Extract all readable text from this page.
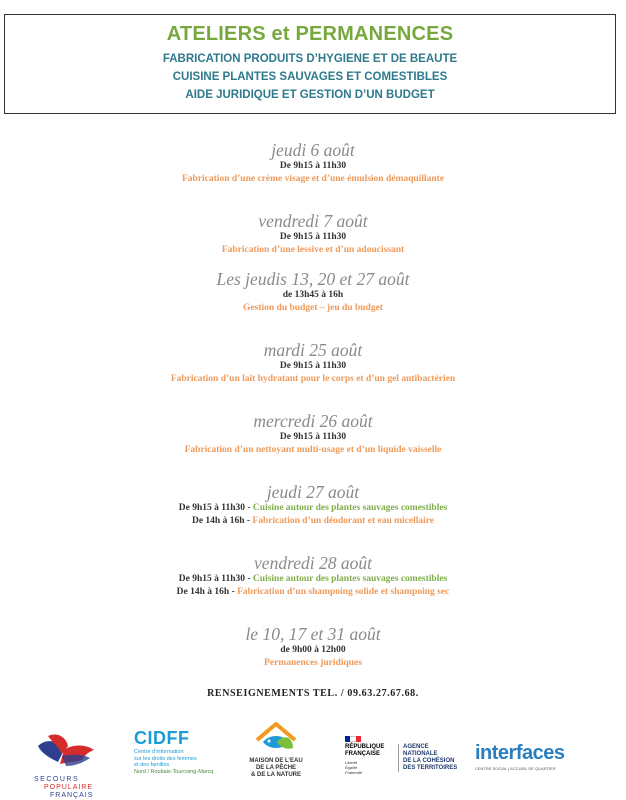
ATELIERS et PERMANENCES
FABRICATION PRODUITS D’HYGIENE ET DE BEAUTE
CUISINE PLANTES SAUVAGES ET COMESTIBLES
AIDE JURIDIQUE ET GESTION D’UN BUDGET
jeudi 6 août
De 9h15 à 11h30
Fabrication d’une crème visage et d’une émulsion démaquillante
vendredi 7 août
De 9h15 à 11h30
Fabrication d’une lessive et d’un adoucissant
Les jeudis 13, 20 et 27 août
de 13h45 à 16h
Gestion du budget – jeu du budget
mardi 25 août
De 9h15 à 11h30
Fabrication d’un lait hydratant pour le corps et d’un gel antibactérien
mercredi 26 août
De 9h15 à 11h30
Fabrication d’un nettoyant multi-usage et d’un liquide vaisselle
jeudi 27 août
De 9h15 à 11h30 - Cuisine autour des plantes sauvages comestibles
De 14h à 16h - Fabrication d’un déodorant et eau micellaire
vendredi 28 août
De 9h15 à 11h30 - Cuisine autour des plantes sauvages comestibles
De 14h à 16h - Fabrication d’un shampoing solide et shampoing sec
le 10, 17 et 31 août
de 9h00 à 12h00
Permanences juridiques
RENSEIGNEMENTS TEL. / 09.63.27.67.68.
SECOURS
POPULAIRE
FRANÇAIS
CIDFF
Centre d’information
sur les droits des femmes
et des familles
Nord / Roubaix-Tourcoing-Marcq
MAISON DE L’EAU
DE LA PÊCHE
& DE LA NATURE
RÉPUBLIQUE
FRANÇAISE
Liberté
Égalité
Fraternité
AGENCE
NATIONALE
DE LA COHÉSION
DES TERRITOIRES
interfaces
CENTRE SOCIAL | ACCUEIL DE QUARTIER
